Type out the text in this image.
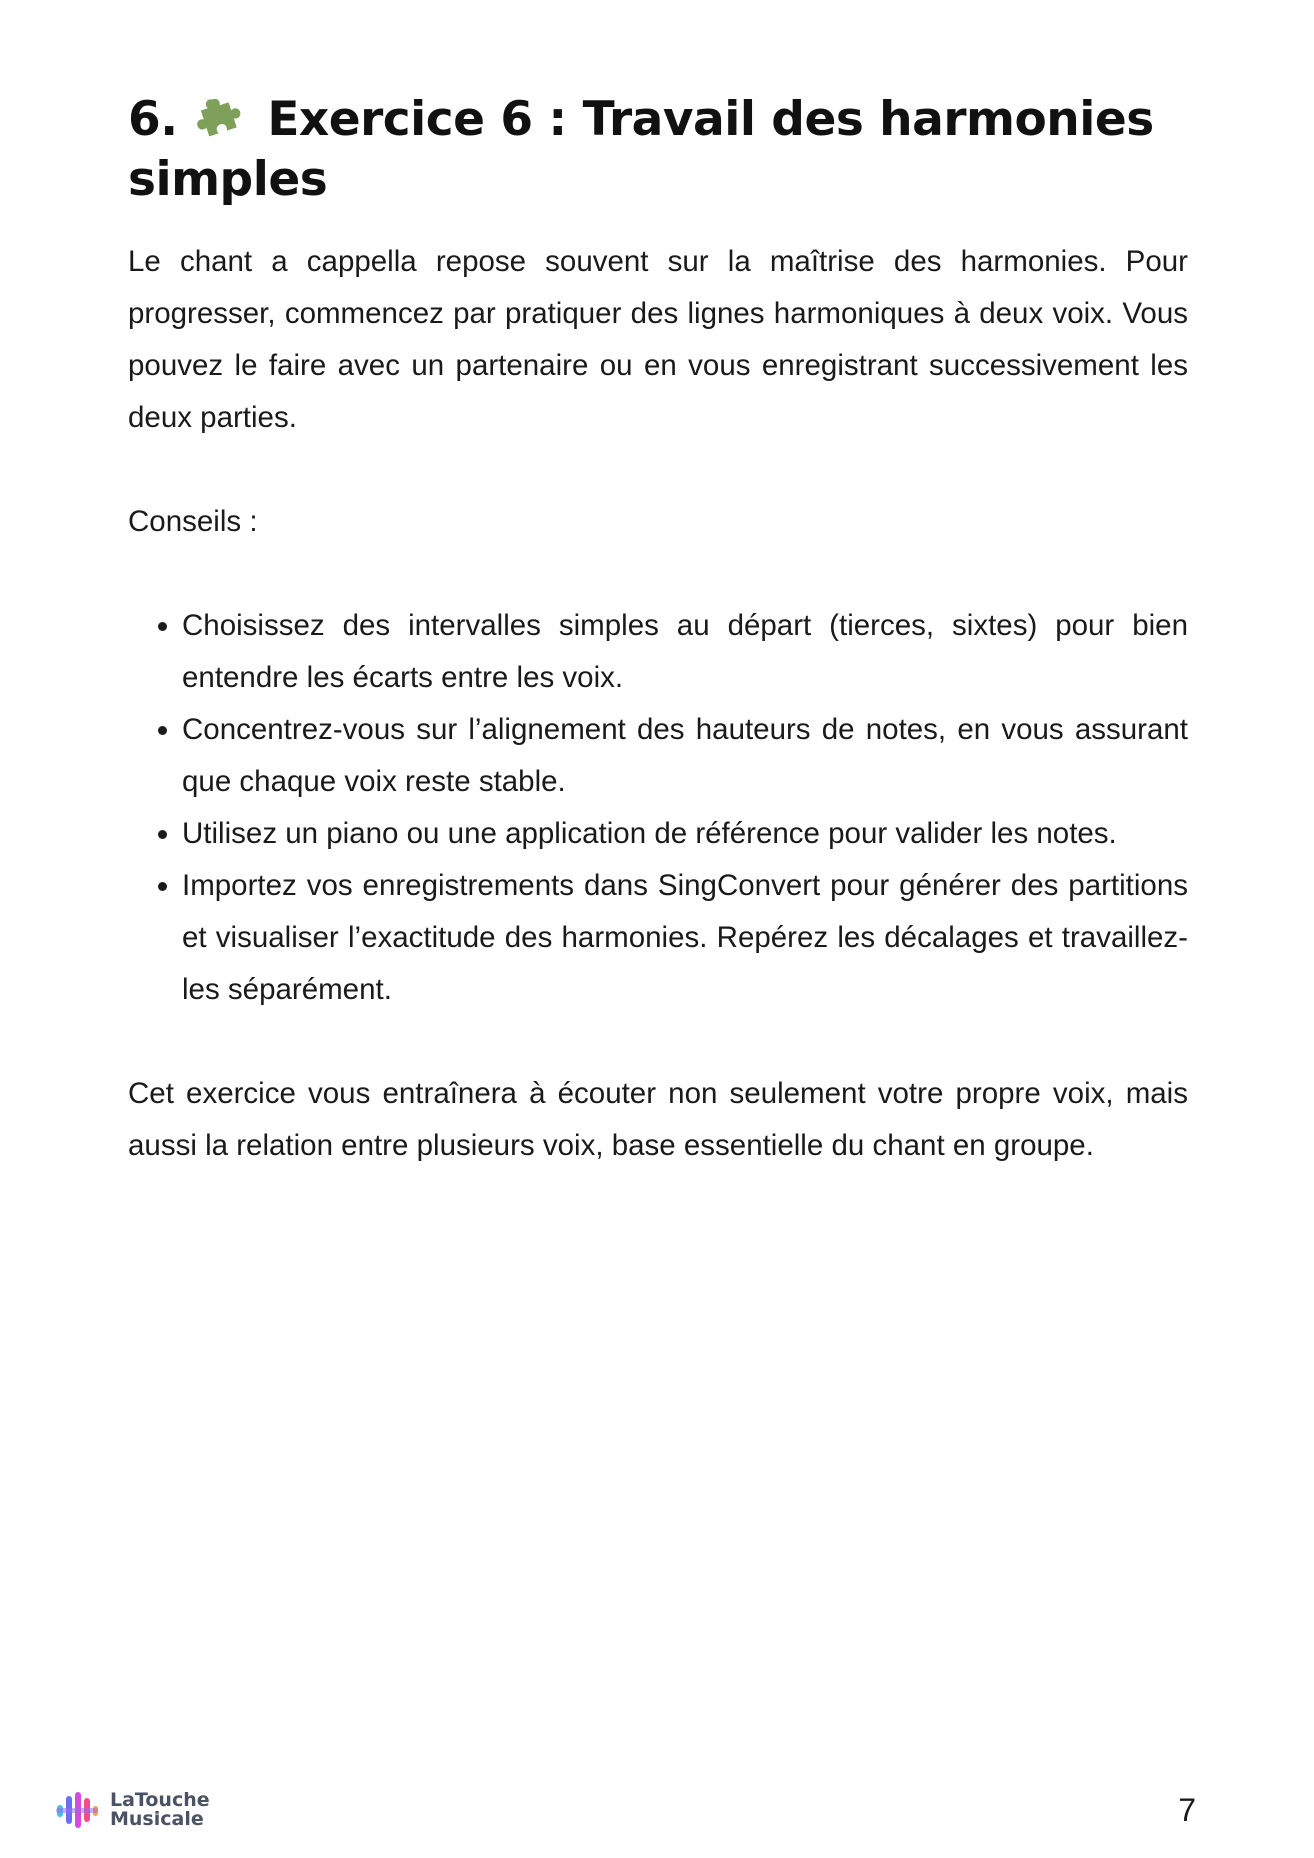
6. Exercice 6 : Travail des harmonies simples

Le chant a cappella repose souvent sur la maîtrise des harmonies. Pour progresser, commencez par pratiquer des lignes harmoniques à deux voix. Vous pouvez le faire avec un partenaire ou en vous enregistrant successivement les deux parties.

Conseils :

Choisissez des intervalles simples au départ (tierces, sixtes) pour bien entendre les écarts entre les voix.
Concentrez-vous sur l’alignement des hauteurs de notes, en vous assurant que chaque voix reste stable.
Utilisez un piano ou une application de référence pour valider les notes.
Importez vos enregistrements dans SingConvert pour générer des partitions et visualiser l’exactitude des harmonies. Repérez les décalages et travaillez-les séparément.

Cet exercice vous entraînera à écouter non seulement votre propre voix, mais aussi la relation entre plusieurs voix, base essentielle du chant en groupe.

LaTouche
Musicale	7
